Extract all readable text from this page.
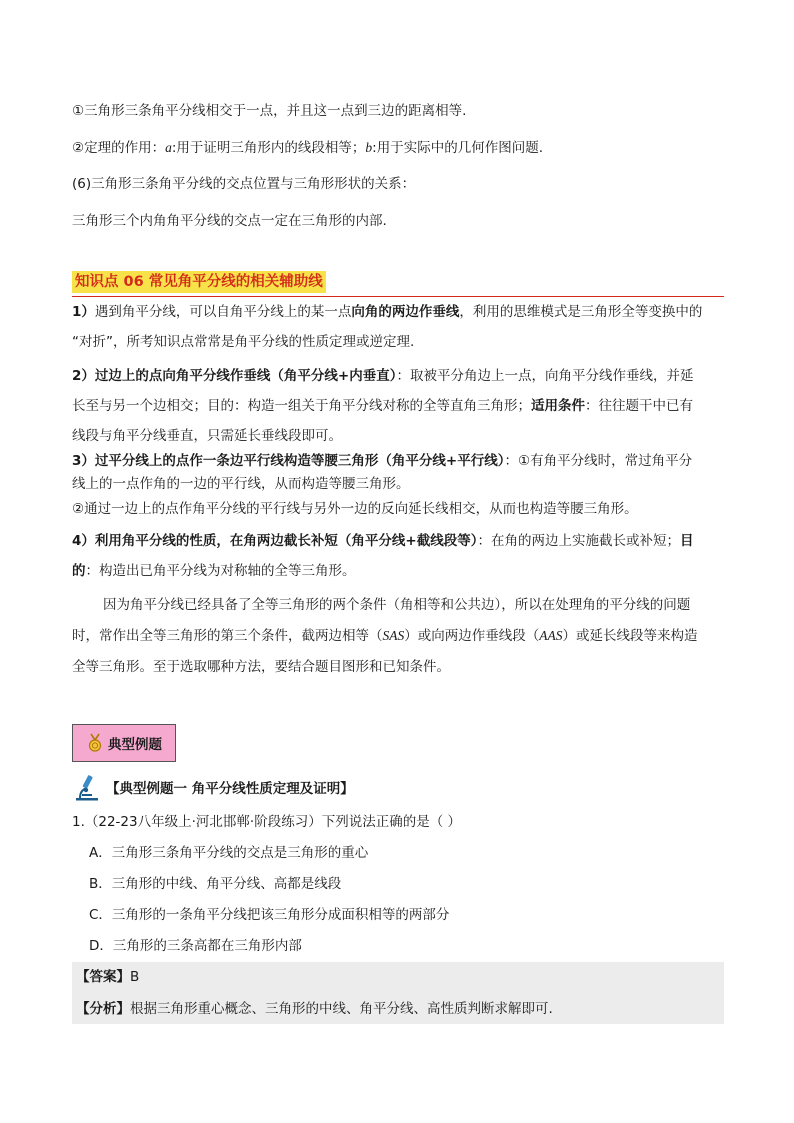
①三角形三条角平分线相交于一点，并且这一点到三边的距离相等.

②定理的作用：a:用于证明三角形内的线段相等；b:用于实际中的几何作图问题.

(6)三角形三条角平分线的交点位置与三角形形状的关系：

三角形三个内角角平分线的交点一定在三角形的内部.

知识点 06 常见角平分线的相关辅助线

1）遇到角平分线，可以自角平分线上的某一点向角的两边作垂线，利用的思维模式是三角形全等变换中的

“对折”，所考知识点常常是角平分线的性质定理或逆定理.

2）过边上的点向角平分线作垂线（角平分线+内垂直）：取被平分角边上一点，向角平分线作垂线，并延

长至与另一个边相交；目的：构造一组关于角平分线对称的全等直角三角形；适用条件：往往题干中已有

线段与角平分线垂直，只需延长垂线段即可。

3）过平分线上的点作一条边平行线构造等腰三角形（角平分线+平行线）：①有角平分线时，常过角平分

线上的一点作角的一边的平行线，从而构造等腰三角形。

②通过一边上的点作角平分线的平行线与另外一边的反向延长线相交，从而也构造等腰三角形。

4）利用角平分线的性质，在角两边截长补短（角平分线+截线段等）：在角的两边上实施截长或补短；目

的：构造出已角平分线为对称轴的全等三角形。

因为角平分线已经具备了全等三角形的两个条件（角相等和公共边），所以在处理角的平分线的问题

时，常作出全等三角形的第三个条件，截两边相等（SAS）或向两边作垂线段（AAS）或延长线段等来构造

全等三角形。至于选取哪种方法，要结合题目图形和已知条件。

典型例题
【典型例题一 角平分线性质定理及证明】

1.（22-23八年级上·河北邯郸·阶段练习）下列说法正确的是（ ）

A．三角形三条角平分线的交点是三角形的重心

B．三角形的中线、角平分线、高都是线段

C．三角形的一条角平分线把该三角形分成面积相等的两部分

D．三角形的三条高都在三角形内部

【答案】B
【分析】根据三角形重心概念、三角形的中线、角平分线、高性质判断求解即可.
